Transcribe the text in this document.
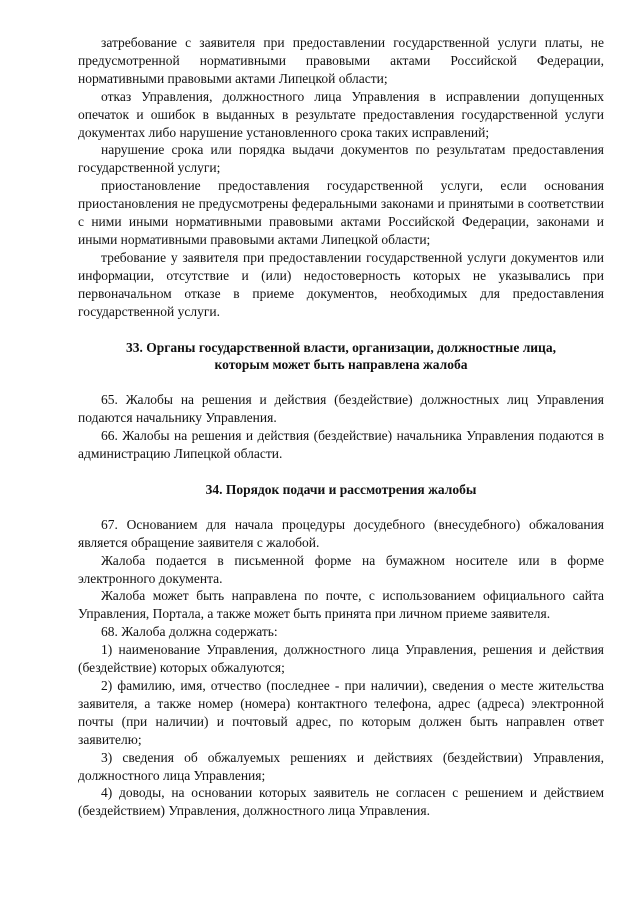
затребование с заявителя при предоставлении государственной услуги платы, не предусмотренной нормативными правовыми актами Российской Федерации, нормативными правовыми актами Липецкой области;

отказ Управления, должностного лица Управления в исправлении допущенных опечаток и ошибок в выданных в результате предоставления государственной услуги документах либо нарушение установленного срока таких исправлений;

нарушение срока или порядка выдачи документов по результатам предоставления государственной услуги;

приостановление предоставления государственной услуги, если основания приостановления не предусмотрены федеральными законами и принятыми в соответствии с ними иными нормативными правовыми актами Российской Федерации, законами и иными нормативными правовыми актами Липецкой области;

требование у заявителя при предоставлении государственной услуги документов или информации, отсутствие и (или) недостоверность которых не указывались при первоначальном отказе в приеме документов, необходимых для предоставления государственной услуги.

33. Органы государственной власти, организации, должностные лица,

которым может быть направлена жалоба

65. Жалобы на решения и действия (бездействие) должностных лиц Управления подаются начальнику Управления.

66. Жалобы на решения и действия (бездействие) начальника Управления подаются в администрацию Липецкой области.

34. Порядок подачи и рассмотрения жалобы

67. Основанием для начала процедуры досудебного (внесудебного) обжалования является обращение заявителя с жалобой.

Жалоба подается в письменной форме на бумажном носителе или в форме электронного документа.

Жалоба может быть направлена по почте, с использованием официального сайта Управления, Портала, а также может быть принята при личном приеме заявителя.

68. Жалоба должна содержать:

1) наименование Управления, должностного лица Управления, решения и действия (бездействие) которых обжалуются;

2) фамилию, имя, отчество (последнее - при наличии), сведения о месте жительства заявителя, а также номер (номера) контактного телефона, адрес (адреса) электронной почты (при наличии) и почтовый адрес, по которым должен быть направлен ответ заявителю;

3) сведения об обжалуемых решениях и действиях (бездействии) Управления, должностного лица Управления;

4) доводы, на основании которых заявитель не согласен с решением и действием (бездействием) Управления, должностного лица Управления.
